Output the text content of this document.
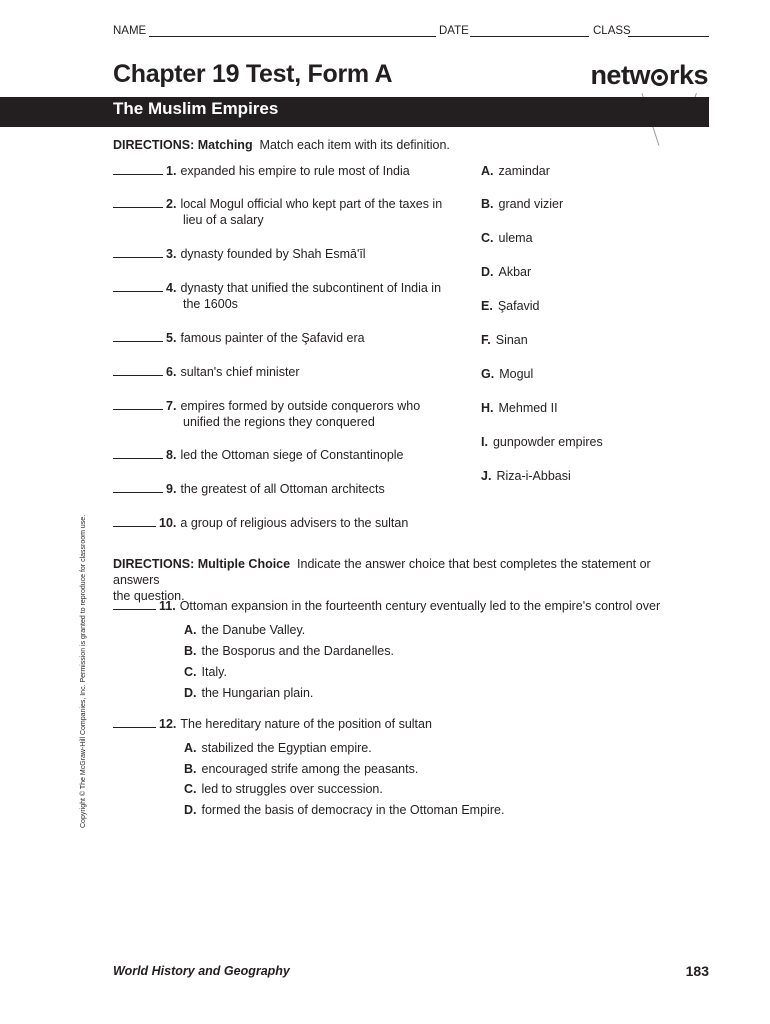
NAME	DATE	CLASS
Chapter 19 Test, Form A	netw rks
The Muslim Empires
DIRECTIONS: Matching Match each item with its definition.
1. expanded his empire to rule most of India
2. local Mogul official who kept part of the taxes in
lieu of a salary
3. dynasty founded by Shah Esmā'īl
4. dynasty that unified the subcontinent of India in
the 1600s
5. famous painter of the Şafavid era
6. sultan's chief minister
7. empires formed by outside conquerors who
unified the regions they conquered
8. led the Ottoman siege of Constantinople
9. the greatest of all Ottoman architects
10. a group of religious advisers to the sultan
A. zamindar
B. grand vizier
C. ulema
D. Akbar
E. Şafavid
F. Sinan
G. Mogul
H. Mehmed II
I. gunpowder empires
J. Riza-i-Abbasi
DIRECTIONS: Multiple Choice Indicate the answer choice that best completes the statement or answers
the question.
11. Ottoman expansion in the fourteenth century eventually led to the empire's control over
A. the Danube Valley.
B. the Bosporus and the Dardanelles.
C. Italy.
D. the Hungarian plain.
12. The hereditary nature of the position of sultan
A. stabilized the Egyptian empire.
B. encouraged strife among the peasants.
C. led to struggles over succession.
D. formed the basis of democracy in the Ottoman Empire.
Copyright © The McGraw-Hill Companies, Inc. Permission is granted to reproduce for classroom use.
World History and Geography	183
